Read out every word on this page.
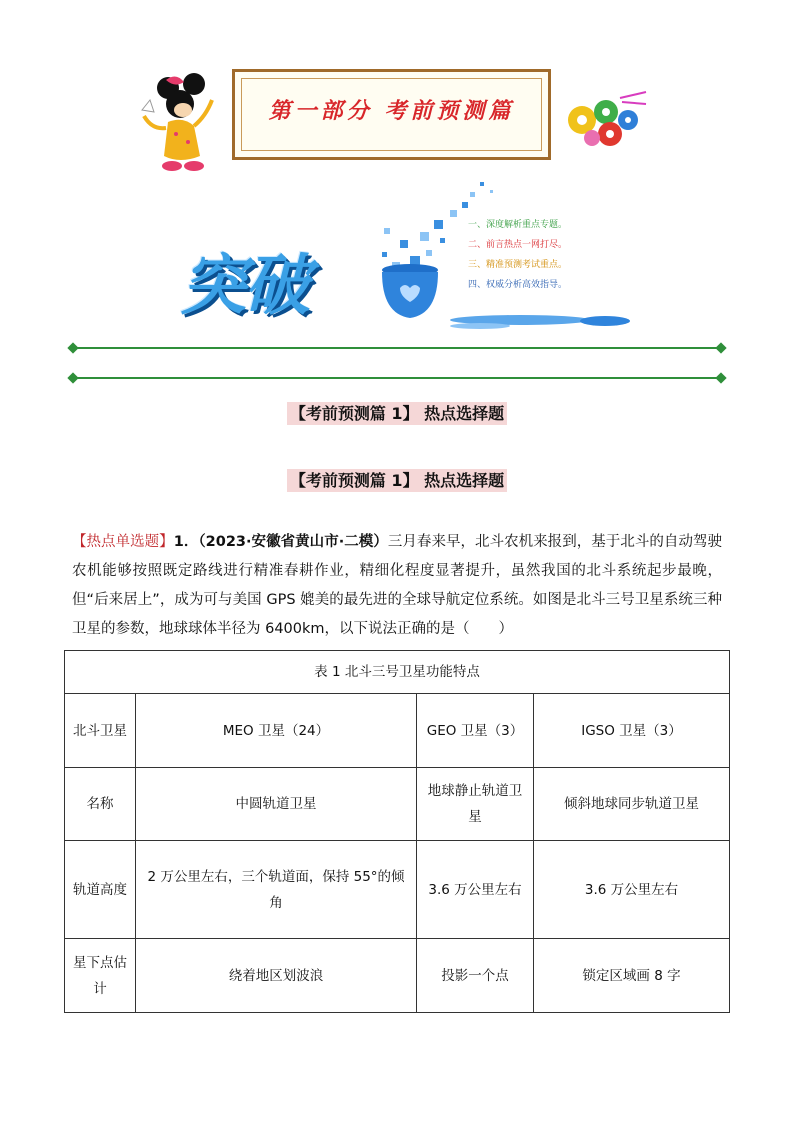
第一部分 考前预测篇
突破
一、深度解析重点专题。
二、前言热点一网打尽。
三、精准预测考试重点。
四、权威分析高效指导。
【考前预测篇 1】 热点选择题
【考前预测篇 1】 热点选择题
【热点单选题】1．（2023·安徽省黄山市·二模）三月春来早，北斗农机来报到，基于北斗的自动驾驶农机能够按照既定路线进行精准春耕作业，精细化程度显著提升，虽然我国的北斗系统起步最晚，但“后来居上”，成为可与美国 GPS 媲美的最先进的全球导航定位系统。如图是北斗三号卫星系统三种卫星的参数，地球球体半径为 6400km，以下说法正确的是（　　）
表 1 北斗三号卫星功能特点			
北斗卫星	MEO 卫星（24）	GEO 卫星（3）	IGSO 卫星（3）
名称	中圆轨道卫星	地球静止轨道卫星	倾斜地球同步轨道卫星
轨道高度	2 万公里左右，三个轨道面，保持 55°的倾角	3.6 万公里左右	3.6 万公里左右
星下点估计	绕着地区划波浪	投影一个点	锁定区域画 8 字
